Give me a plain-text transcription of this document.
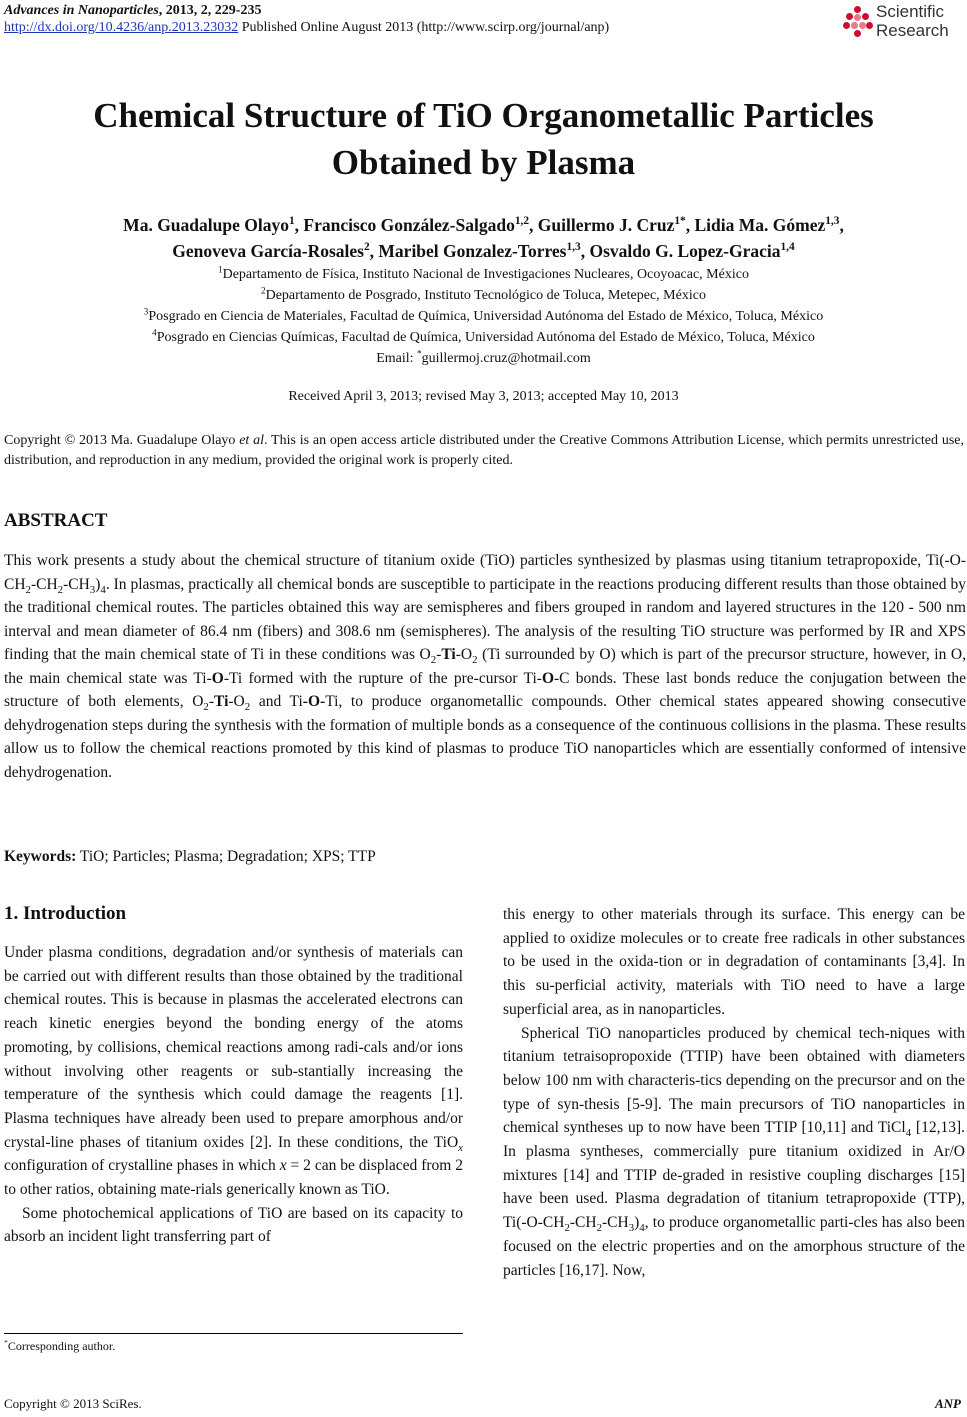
Advances in Nanoparticles, 2013, 2, 229-235
http://dx.doi.org/10.4236/anp.2013.23032 Published Online August 2013 (http://www.scirp.org/journal/anp)
Scientific
Research
Chemical Structure of TiO Organometallic Particles
Obtained by Plasma
Ma. Guadalupe Olayo$^1$, Francisco González-Salgado$^{1,2}$, Guillermo J. Cruz$^{1*}$, Lidia Ma. Gómez$^{1,3}$,
Genoveva García-Rosales$^2$, Maribel Gonzalez-Torres$^{1,3}$, Osvaldo G. Lopez-Gracia$^{1,4}$
$^1$Departamento de Física, Instituto Nacional de Investigaciones Nucleares, Ocoyoacac, México
$^2$Departamento de Posgrado, Instituto Tecnológico de Toluca, Metepec, México
$^3$Posgrado en Ciencia de Materiales, Facultad de Química, Universidad Autónoma del Estado de México, Toluca, México
$^4$Posgrado en Ciencias Químicas, Facultad de Química, Universidad Autónoma del Estado de México, Toluca, México
Email: *guillermoj.cruz@hotmail.com
Received April 3, 2013; revised May 3, 2013; accepted May 10, 2013
Copyright © 2013 Ma. Guadalupe Olayo et al. This is an open access article distributed under the Creative Commons Attribution License, which permits unrestricted use, distribution, and reproduction in any medium, provided the original work is properly cited.
ABSTRACT
This work presents a study about the chemical structure of titanium oxide (TiO) particles synthesized by plasmas using titanium tetrapropoxide, $Ti(-O-CH_2-CH_2-CH_3)_4$. In plasmas, practically all chemical bonds are susceptible to participate in the reactions producing different results than those obtained by the traditional chemical routes. The particles obtained this way are semispheres and fibers grouped in random and layered structures in the 120 - 500 nm interval and mean diameter of 86.4 nm (fibers) and 308.6 nm (semispheres). The analysis of the resulting TiO structure was performed by IR and XPS finding that the main chemical state of Ti in these conditions was $O_2-Ti-O_2$ (Ti surrounded by O) which is part of the precursor structure, however, in O, the main chemical state was Ti-O-Ti formed with the rupture of the pre-cursor Ti-O-C bonds. These last bonds reduce the conjugation between the structure of both elements, $O_2-Ti-O_2$ and Ti-O-Ti, to produce organometallic compounds. Other chemical states appeared showing consecutive dehydrogenation steps during the synthesis with the formation of multiple bonds as a consequence of the continuous collisions in the plasma. These results allow us to follow the chemical reactions promoted by this kind of plasmas to produce TiO nanoparticles which are essentially conformed of intensive dehydrogenation.
Keywords: TiO; Particles; Plasma; Degradation; XPS; TTP
1. Introduction

Under plasma conditions, degradation and/or synthesis of materials can be carried out with different results than those obtained by the traditional chemical routes. This is because in plasmas the accelerated electrons can reach kinetic energies beyond the bonding energy of the atoms promoting, by collisions, chemical reactions among radi-cals and/or ions without involving other reagents or sub-stantially increasing the temperature of the synthesis which could damage the reagents [1]. Plasma techniques have already been used to prepare amorphous and/or crystal-line phases of titanium oxides [2]. In these conditions, the TiO$_x$ configuration of crystalline phases in which x = 2 can be displaced from 2 to other ratios, obtaining mate-rials generically known as TiO.

Some photochemical applications of TiO are based on its capacity to absorb an incident light transferring part of

this energy to other materials through its surface. This energy can be applied to oxidize molecules or to create free radicals in other substances to be used in the oxida-tion or in degradation of contaminants [3,4]. In this su-perficial activity, materials with TiO need to have a large superficial area, as in nanoparticles.

Spherical TiO nanoparticles produced by chemical tech-niques with titanium tetraisopropoxide (TTIP) have been obtained with diameters below 100 nm with characteris-tics depending on the precursor and on the type of syn-thesis [5-9]. The main precursors of TiO nanoparticles in chemical syntheses up to now have been TTIP [10,11] and TiCl$_4$ [12,13]. In plasma syntheses, commercially pure titanium oxidized in Ar/O mixtures [14] and TTIP de-graded in resistive coupling discharges [15] have been used. Plasma degradation of titanium tetrapropoxide (TTP), $Ti(-O-CH_2-CH_2-CH_3)_4$, to produce organometallic parti-cles has also been focused on the electric properties and on the amorphous structure of the particles [16,17]. Now,

*Corresponding author.
Copyright © 2013 SciRes.	ANP
